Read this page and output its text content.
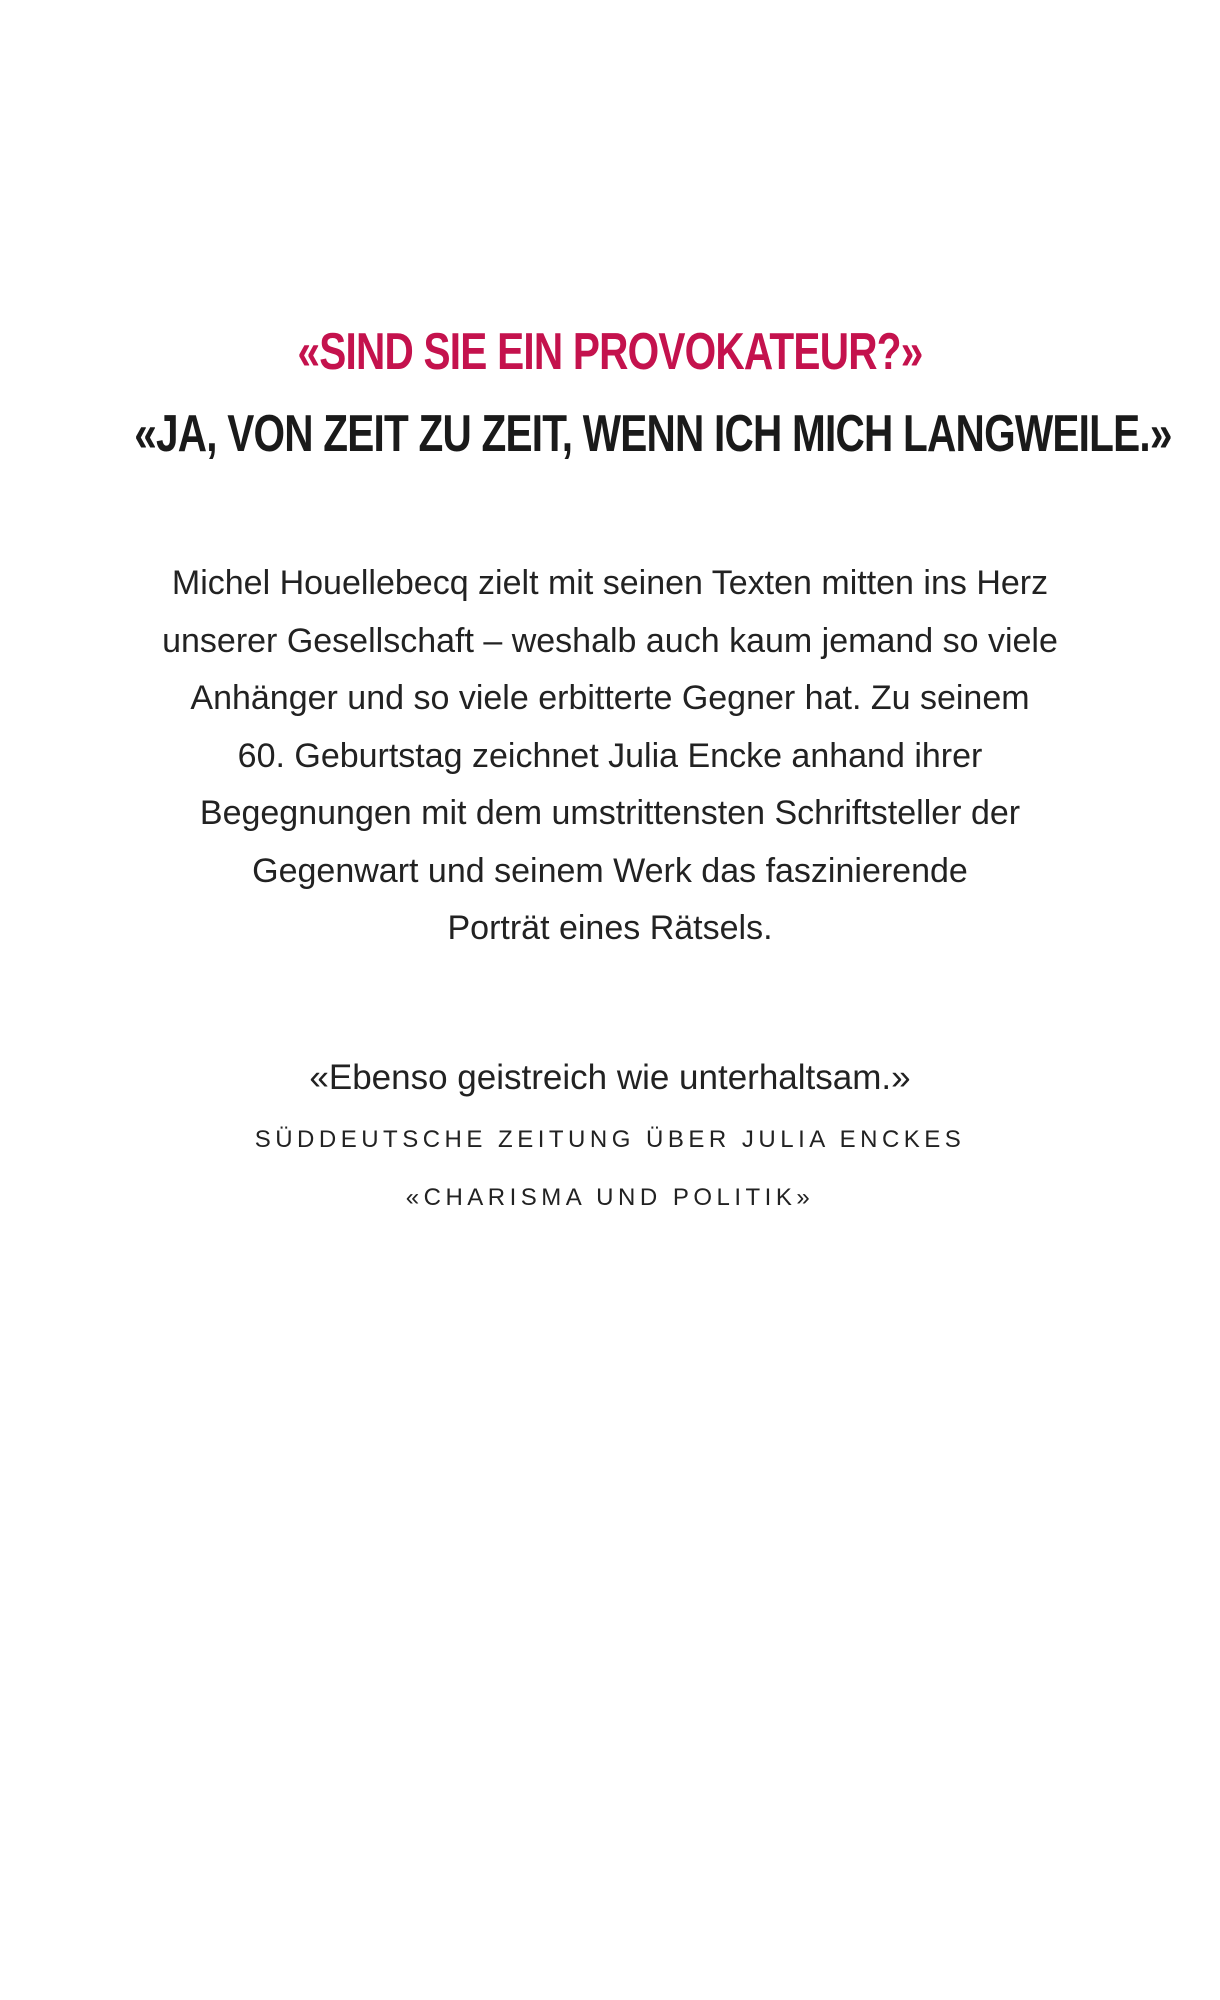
«SIND SIE EIN PROVOKATEUR?»
«JA, VON ZEIT ZU ZEIT, WENN ICH MICH LANGWEILE.»
Michel Houellebecq zielt mit seinen Texten mitten ins Herz
unserer Gesellschaft – weshalb auch kaum jemand so viele
Anhänger und so viele erbitterte Gegner hat. Zu seinem
60. Geburtstag zeichnet Julia Encke anhand ihrer
Begegnungen mit dem umstrittensten Schriftsteller der
Gegenwart und seinem Werk das faszinierende
Porträt eines Rätsels.
«Ebenso geistreich wie unterhaltsam.»
SÜDDEUTSCHE ZEITUNG ÜBER JULIA ENCKES
«CHARISMA UND POLITIK»
